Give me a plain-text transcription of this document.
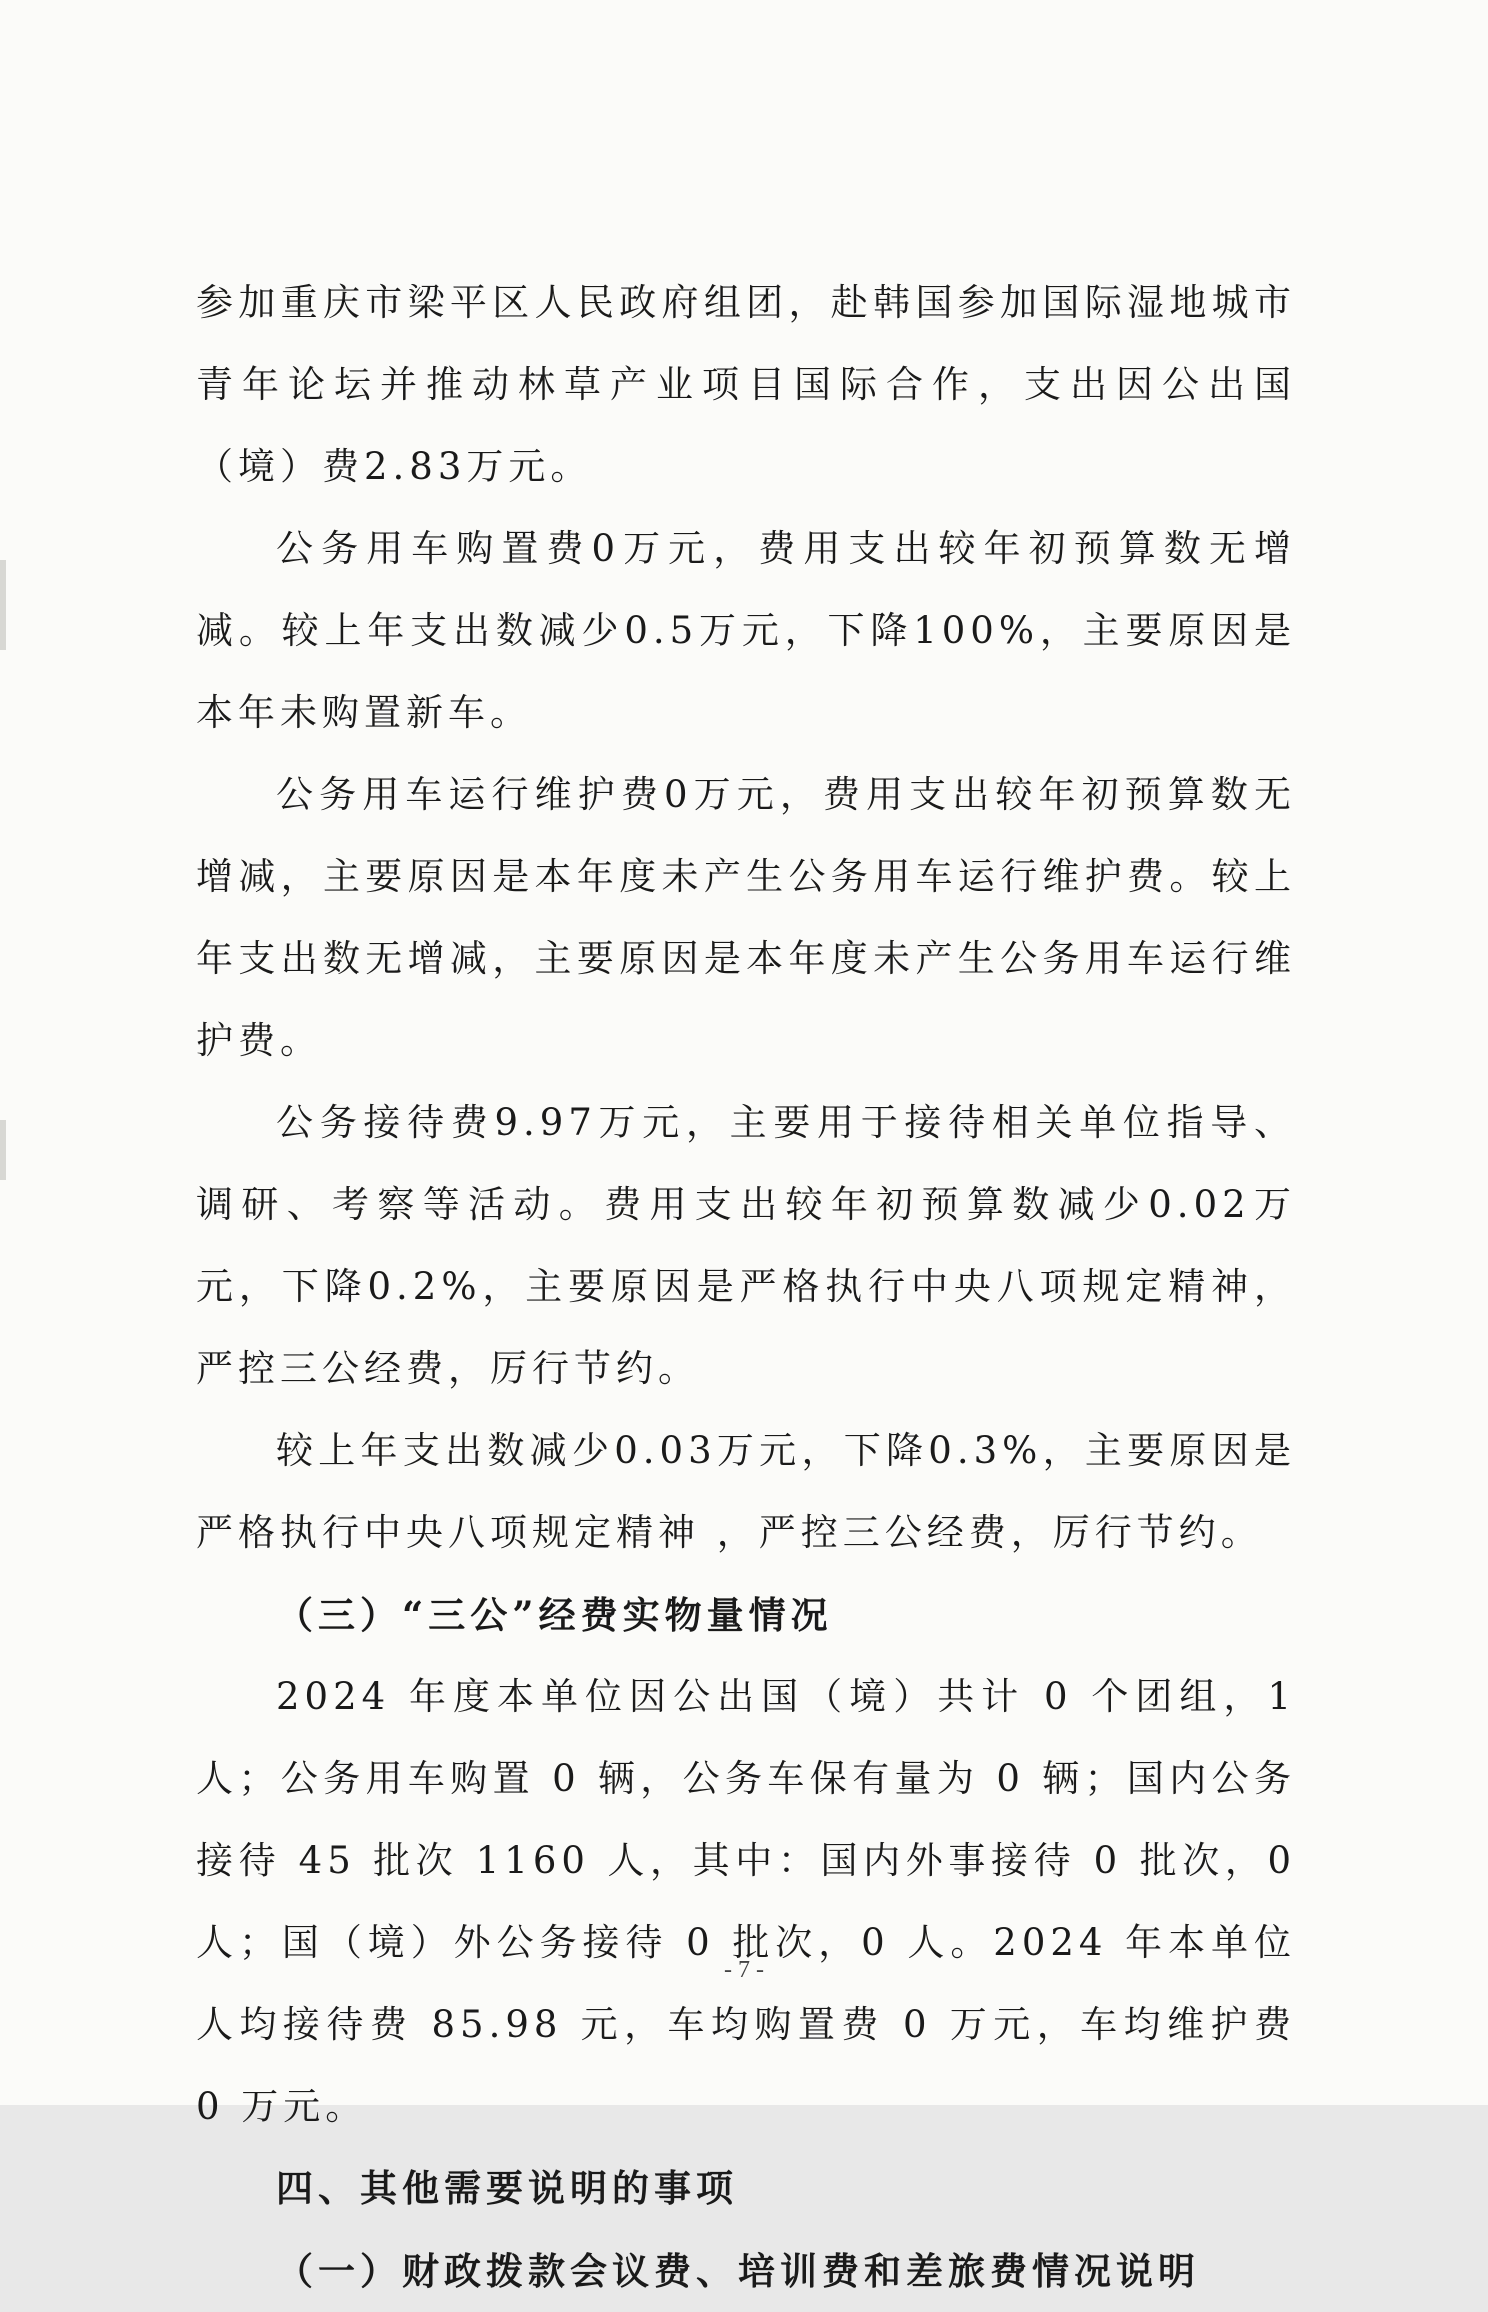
参加重庆市梁平区人民政府组团，赴韩国参加国际湿地城市青年论坛并推动林草产业项目国际合作，支出因公出国（境）费2.83万元。

公务用车购置费0万元，费用支出较年初预算数无增减。较上年支出数减少0.5万元，下降100%，主要原因是本年未购置新车。

公务用车运行维护费0万元，费用支出较年初预算数无增减，主要原因是本年度未产生公务用车运行维护费。较上年支出数无增减，主要原因是本年度未产生公务用车运行维护费。

公务接待费9.97万元，主要用于接待相关单位指导、调研、考察等活动。费用支出较年初预算数减少0.02万元，下降0.2%，主要原因是严格执行中央八项规定精神，严控三公经费，厉行节约。

较上年支出数减少0.03万元，下降0.3%，主要原因是严格执行中央八项规定精神 ，严控三公经费，厉行节约。

（三）“三公”经费实物量情况

2024 年度本单位因公出国（境）共计 0 个团组，1 人；公务用车购置 0 辆，公务车保有量为 0 辆；国内公务接待 45 批次 1160 人，其中：国内外事接待 0 批次，0 人；国（境）外公务接待 0 批次，0 人。2024 年本单位人均接待费 85.98 元，车均购置费 0 万元，车均维护费 0 万元。

四、其他需要说明的事项

（一）财政拨款会议费、培训费和差旅费情况说明

- 7 -
